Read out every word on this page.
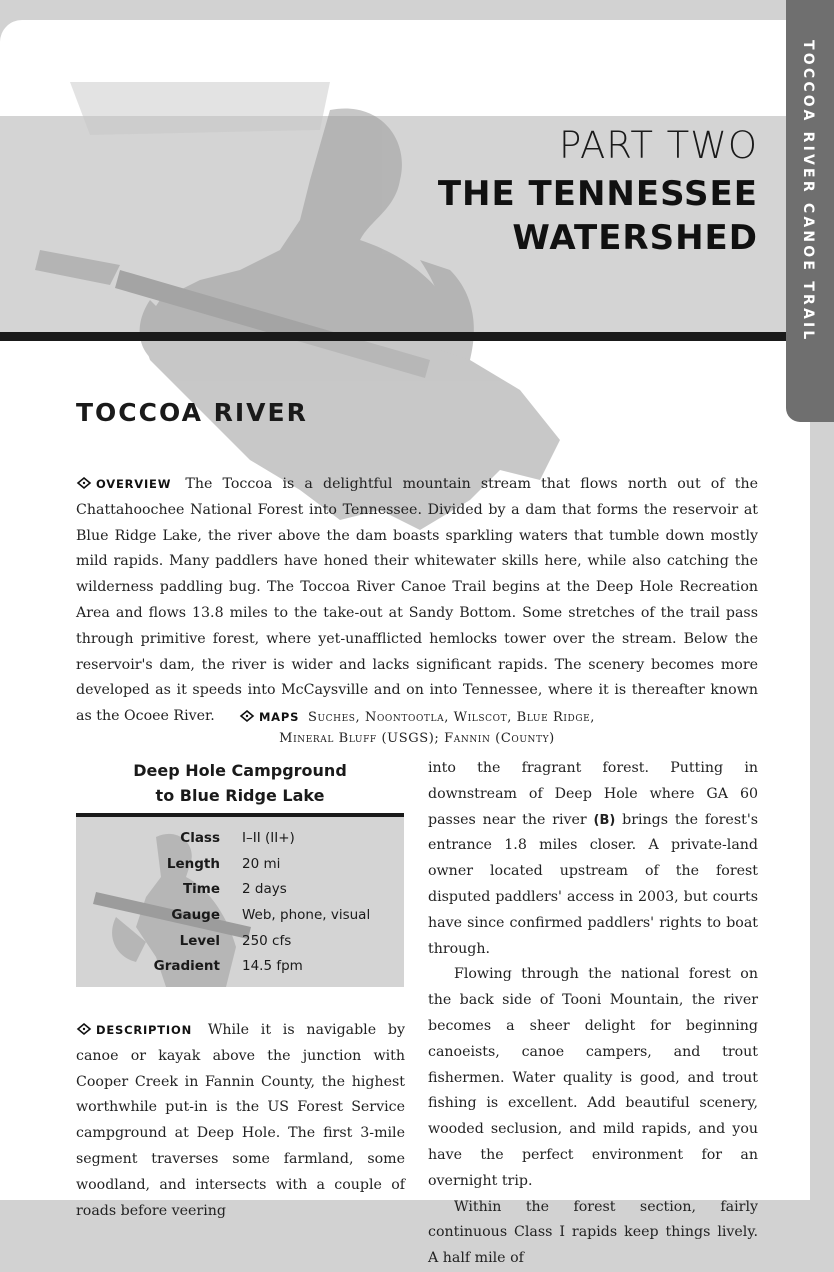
PART TWO
THE TENNESSEE WATERSHED
TOCCOA RIVER

OVERVIEW The Toccoa is a delightful mountain stream that flows north out of the Chattahoochee National Forest into Tennessee. Divided by a dam that forms the reservoir at Blue Ridge Lake, the river above the dam boasts sparkling waters that tumble down mostly mild rapids. Many paddlers have honed their whitewater skills here, while also catching the wilderness paddling bug. The Toccoa River Canoe Trail begins at the Deep Hole Recreation Area and flows 13.8 miles to the take-out at Sandy Bottom. Some stretches of the trail pass through primitive forest, where yet-unafflicted hemlocks tower over the stream. Below the reservoir's dam, the river is wider and lacks significant rapids. The scenery becomes more developed as it speeds into McCaysville and on into Tennessee, where it is thereafter known as the Ocoee River.	MAPS Suches, Noontootla, Wilscot, Blue Ridge,
Mineral Bluff (USGS); Fannin (County)
Deep Hole Campground
to Blue Ridge Lake
Class	I–II (II+)
Length	20 mi
Time	2 days
Gauge	Web, phone, visual
Level	250 cfs
Gradient	14.5 fpm

DESCRIPTION While it is navigable by canoe or kayak above the junction with Cooper Creek in Fannin County, the highest worthwhile put-in is the US Forest Service campground at Deep Hole. The first 3-mile segment traverses some farmland, some woodland, and intersects with a couple of roads before veering

into the fragrant forest. Putting in downstream of Deep Hole where GA 60 passes near the river (B) brings the forest's entrance 1.8 miles closer. A private-land owner located upstream of the forest disputed paddlers' access in 2003, but courts have since confirmed paddlers' rights to boat through.

Flowing through the national forest on the back side of Tooni Mountain, the river becomes a sheer delight for beginning canoeists, canoe campers, and trout fishermen. Water quality is good, and trout fishing is excellent. Add beautiful scenery, wooded seclusion, and mild rapids, and you have the perfect environment for an overnight trip.

Within the forest section, fairly continuous Class I rapids keep things lively. A half mile of

TOCCOA RIVER CANOE TRAIL
